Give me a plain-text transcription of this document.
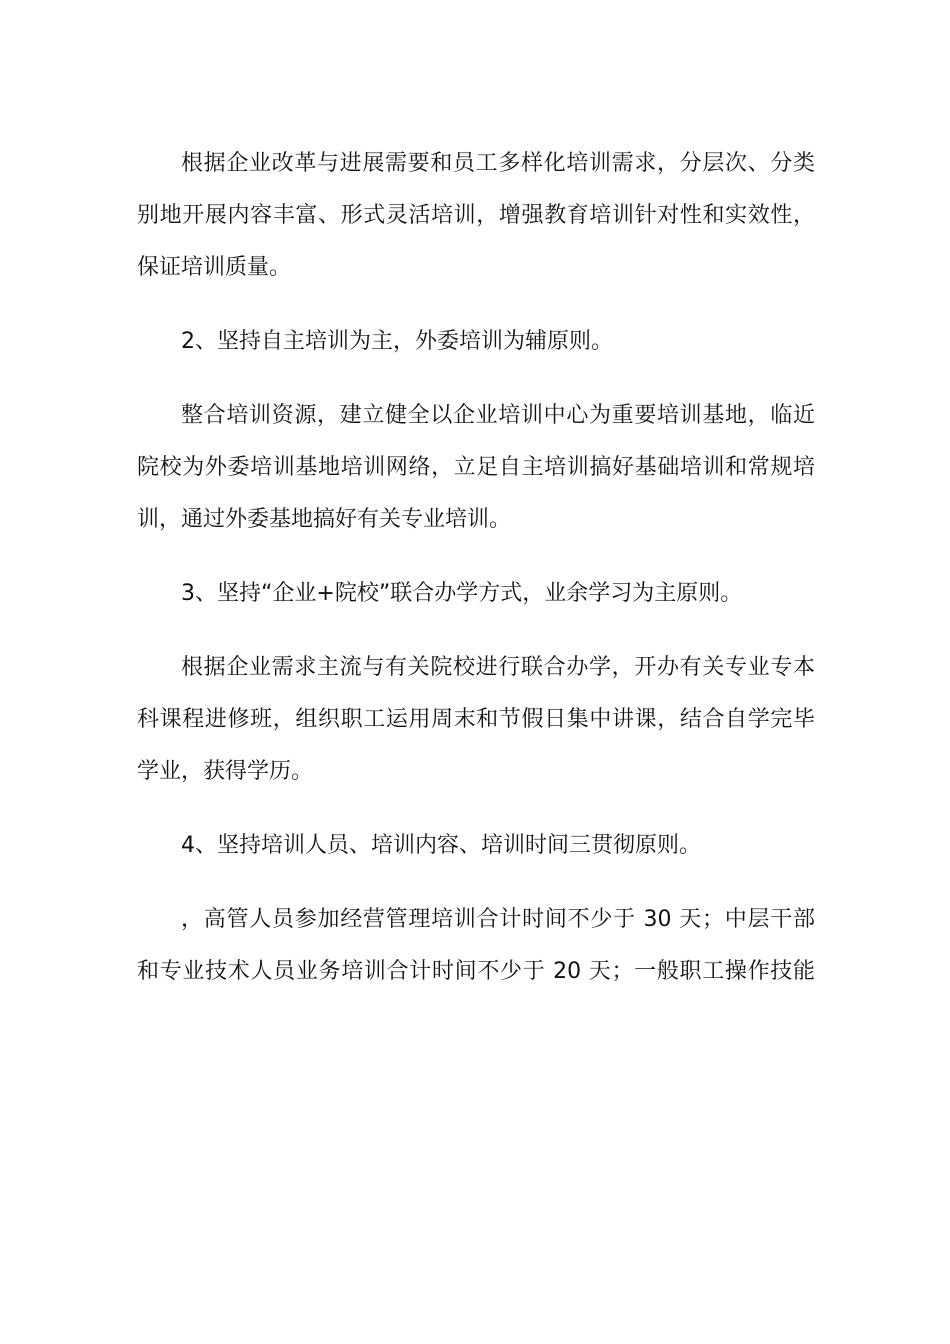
根据企业改革与进展需要和员工多样化培训需求，分层次、分类
别地开展内容丰富、形式灵活培训，增强教育培训针对性和实效性，
保证培训质量。
2、坚持自主培训为主，外委培训为辅原则。
整合培训资源，建立健全以企业培训中心为重要培训基地，临近
院校为外委培训基地培训网络，立足自主培训搞好基础培训和常规培
训，通过外委基地搞好有关专业培训。
3、坚持“企业+院校”联合办学方式，业余学习为主原则。
根据企业需求主流与有关院校进行联合办学，开办有关专业专本
科课程进修班，组织职工运用周末和节假日集中讲课，结合自学完毕
学业，获得学历。
4、坚持培训人员、培训内容、培训时间三贯彻原则。
，高管人员参加经营管理培训合计时间不少于 30 天；中层干部
和专业技术人员业务培训合计时间不少于 20 天；一般职工操作技能
